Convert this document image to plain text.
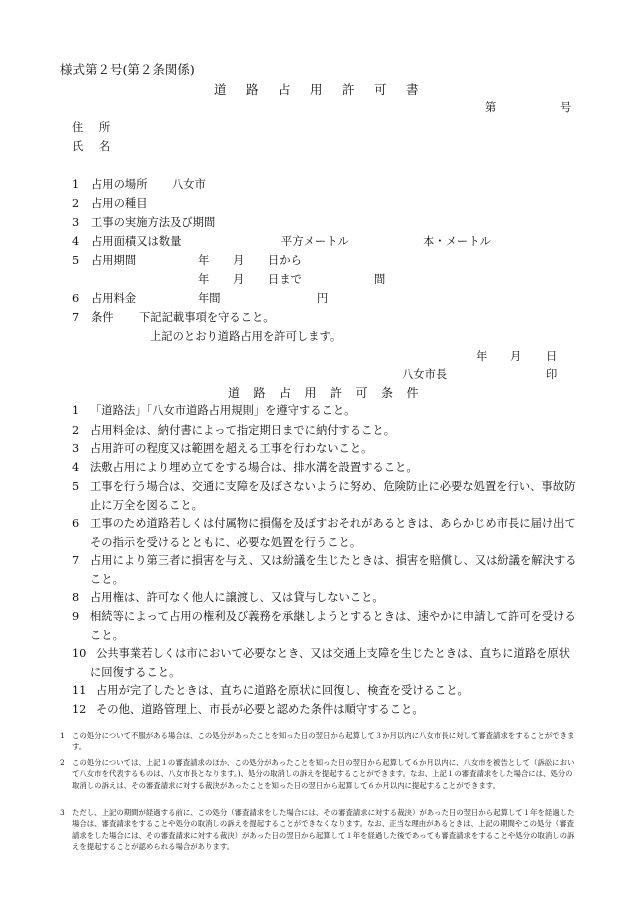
様式第２号(第２条関係)
道路占用許可書
第	号
住 所
氏 名
1 占用の場所 八女市
2 占用の種目
3 工事の実施方法及び期間
4 占用面積又は数量	平方メートル	本・メートル
5 占用期間	年 月 日から
年 月 日まで	間
6 占用料金	年間	円
7 条件 下記記載事項を守ること。
上記のとおり道路占用を許可します。
年 月 日
八女市長	印
道路占用許可条件
1 「道路法」「八女市道路占用規則」を遵守すること。
2 占用料金は、納付書によって指定期日までに納付すること。
3 占用許可の程度又は範囲を超える工事を行わないこと。
4 法敷占用により埋め立てをする場合は、排水溝を設置すること。
5 工事を行う場合は、交通に支障を及ぼさないように努め、危険防止に必要な処置を行い、事故防止に万全を図ること。
6 工事のため道路若しくは付属物に損傷を及ぼすおそれがあるときは、あらかじめ市長に届け出てその指示を受けるとともに、必要な処置を行うこと。
7 占用により第三者に損害を与え、又は紛議を生じたときは、損害を賠償し、又は紛議を解決すること。
8 占用権は、許可なく他人に譲渡し、又は貸与しないこと。
9 相続等によって占用の権利及び義務を承継しようとするときは、速やかに申請して許可を受けること。
10 公共事業若しくは市において必要なとき、又は交通上支障を生じたときは、直ちに道路を原状に回復すること。
11 占用が完了したときは、直ちに道路を原状に回復し、検査を受けること。
12 その他、道路管理上、市長が必要と認めた条件は順守すること。
1 この処分について不服がある場合は、この処分があったことを知った日の翌日から起算して３か月以内に八女市長に対して審査請求をすることができます。
2 この処分については、上記１の審査請求のほか、この処分があったことを知った日の翌日から起算して６か月以内に、八女市を被告として（訴訟において八女市を代表するものは、八女市長となります。)、処分の取消しの訴えを提起することができます。なお、上記１の審査請求をした場合には、処分の取消しの訴えは、その審査請求に対する裁決があったことを知った日の翌日から起算して６か月以内に提起することができます。
3 ただし、上記の期間が経過する前に、この処分（審査請求をした場合には、その審査請求に対する裁決）があった日の翌日から起算して１年を経過した場合は、審査請求をすることや処分の取消しの訴えを提起することができなくなります。なお、正当な理由があるときは、上記の期間やこの処分（審査請求をした場合には、その審査請求に対する裁決）があった日の翌日から起算して１年を経過した後であっても審査請求をすることや処分の取消しの訴えを提起することが認められる場合があります。
